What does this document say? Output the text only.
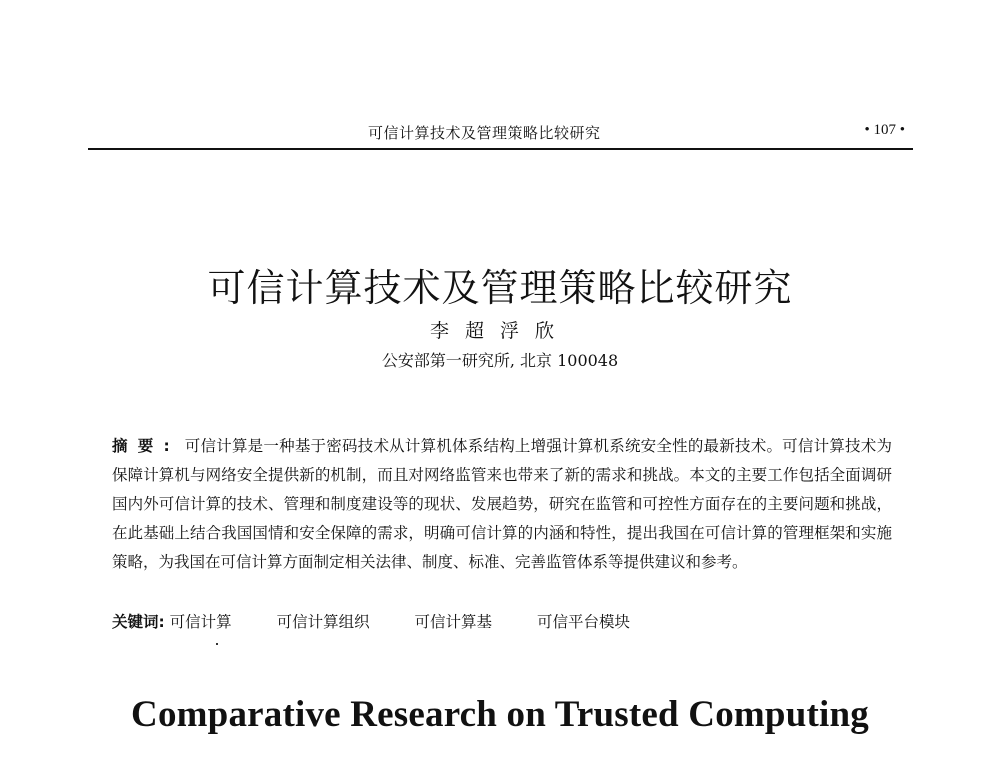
可信计算技术及管理策略比较研究	• 107 •
可信计算技术及管理策略比较研究
李超浮欣
公安部第一研究所, 北京 100048
摘要: 可信计算是一种基于密码技术从计算机体系结构上增强计算机系统安全性的最新技术。可信计算技术为保障计算机与网络安全提供新的机制，而且对网络监管来也带来了新的需求和挑战。本文的主要工作包括全面调研国内外可信计算的技术、管理和制度建设等的现状、发展趋势，研究在监管和可控性方面存在的主要问题和挑战，在此基础上结合我国国情和安全保障的需求，明确可信计算的内涵和特性，提出我国在可信计算的管理框架和实施策略，为我国在可信计算方面制定相关法律、制度、标准、完善监管体系等提供建议和参考。
关键词: 可信计算	可信计算组织	可信计算基	可信平台模块
Comparative Research on Trusted Computing
